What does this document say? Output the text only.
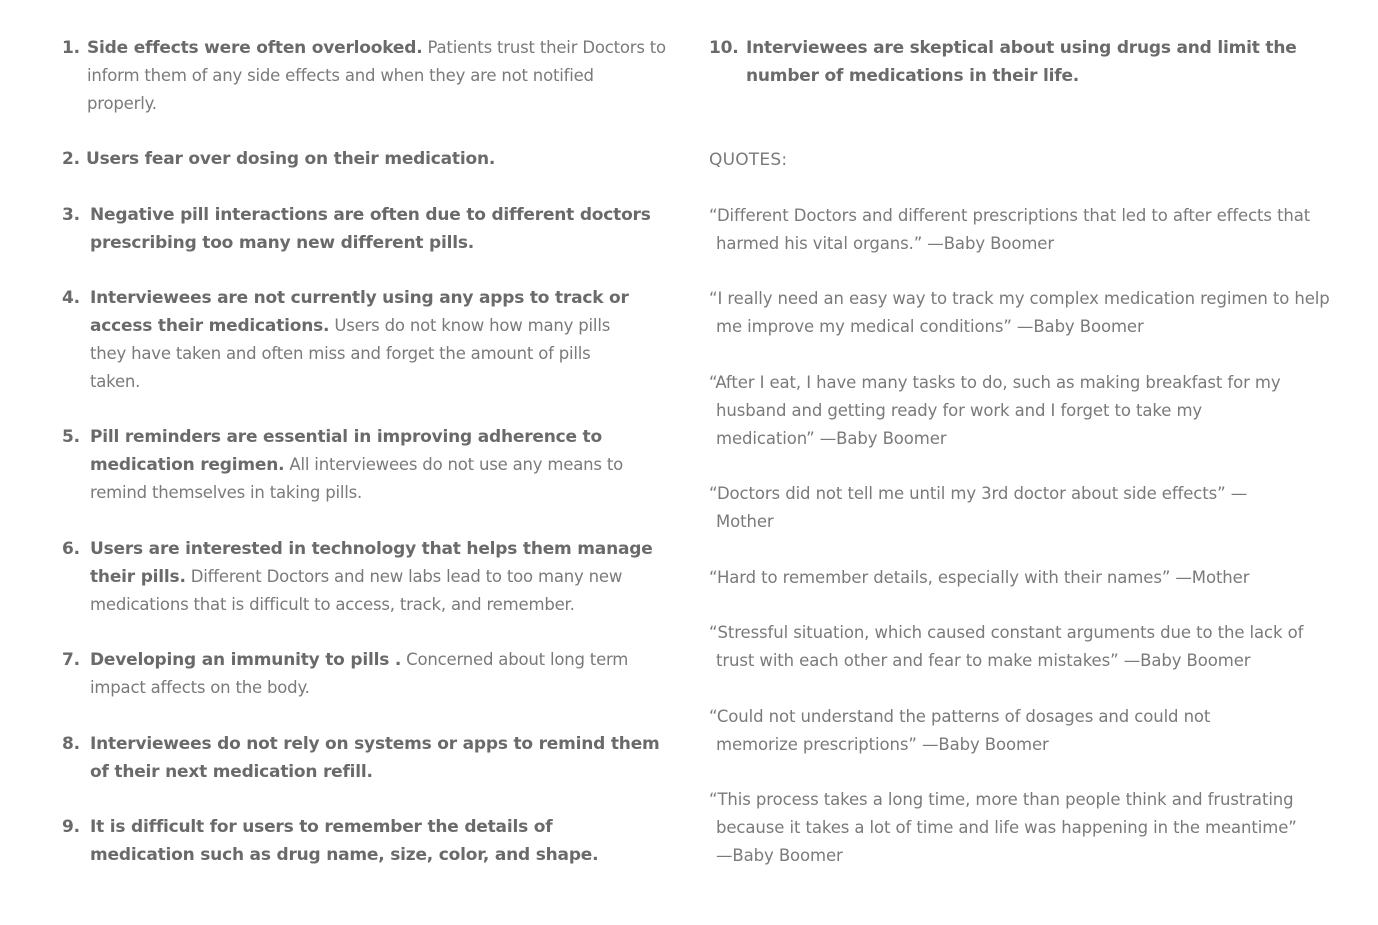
1. Side effects were often overlooked. Patients trust their Doctors to inform them of any side effects and when they are not notified properly.
2. Users fear over dosing on their medication.
3. Negative pill interactions are often due to different doctors prescribing too many new different pills.
4. Interviewees are not currently using any apps to track or access their medications. Users do not know how many pills they have taken and often miss and forget the amount of pills taken.
5. Pill reminders are essential in improving adherence to medication regimen. All interviewees do not use any means to remind themselves in taking pills.
6. Users are interested in technology that helps them manage their pills. Different Doctors and new labs lead to too many new medications that is difficult to access, track, and remember.
7. Developing an immunity to pills . Concerned about long term impact affects on the body.
8. Interviewees do not rely on systems or apps to remind them of their next medication refill.
9. It is difficult for users to remember the details of medication such as drug name, size, color, and shape.
10. Interviewees are skeptical about using drugs and limit the number of medications in their life.
QUOTES:
“Different Doctors and different prescriptions that led to after effects that harmed his vital organs.” —Baby Boomer
“I really need an easy way to track my complex medication regimen to help me improve my medical conditions” —Baby Boomer
“After I eat, I have many tasks to do, such as making breakfast for my husband and getting ready for work and I forget to take my medication” —Baby Boomer
“Doctors did not tell me until my 3rd doctor about side effects” —Mother
“Hard to remember details, especially with their names” —Mother
“Stressful situation, which caused constant arguments due to the lack of trust with each other and fear to make mistakes” —Baby Boomer
“Could not understand the patterns of dosages and could not memorize prescriptions” —Baby Boomer
“This process takes a long time, more than people think and frustrating because it takes a lot of time and life was happening in the meantime” —Baby Boomer
